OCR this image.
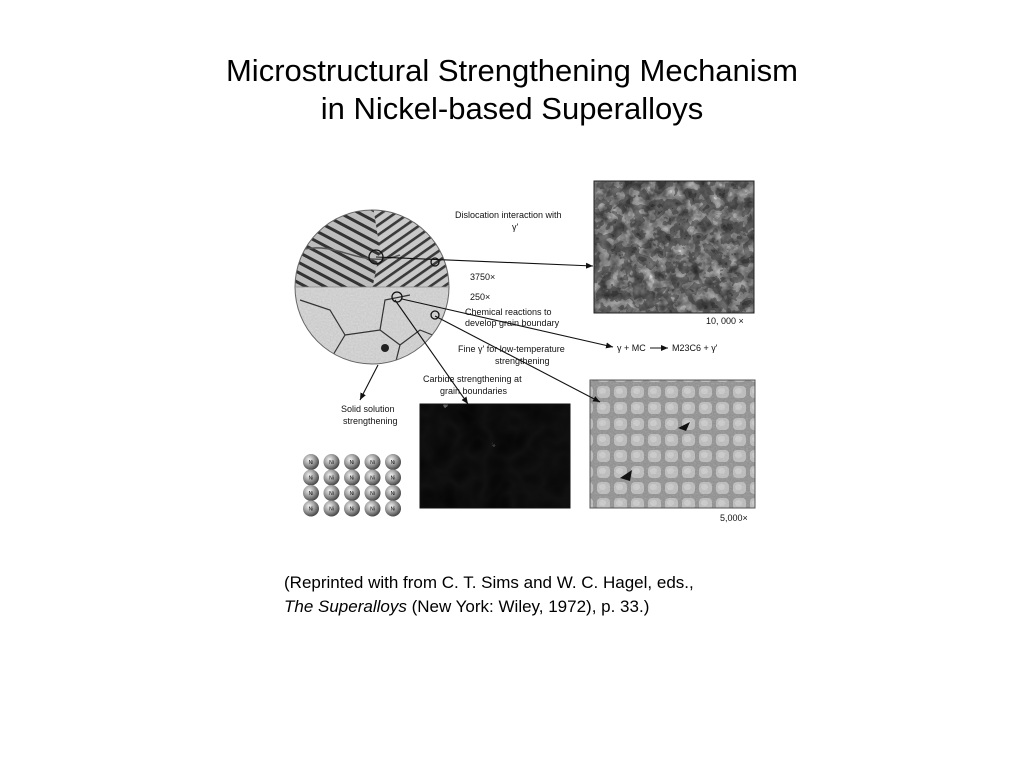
Microstructural Strengthening Mechanism
in Nickel-based Superalloys
10, 000 ×
5,000×
Ni	Ni	Ni	Ni	Ni
Ni	Ni	Ni	Ni	Ni
Ni	Ni	Ni	Ni	Ni
Ni	Ni	Ni	Ni	Ni
Dislocation interaction with
γ'
3750×
250×
Chemical reactions to
develop grain boundary
Fine γ' for low-temperature
strengthening
γ + MC	M23C6 + γ'
Carbide strengthening at
grain boundaries
Solid solution
strengthening
(Reprinted with from C. T. Sims and W. C. Hagel, eds.,
The Superalloys (New York: Wiley, 1972), p. 33.)
